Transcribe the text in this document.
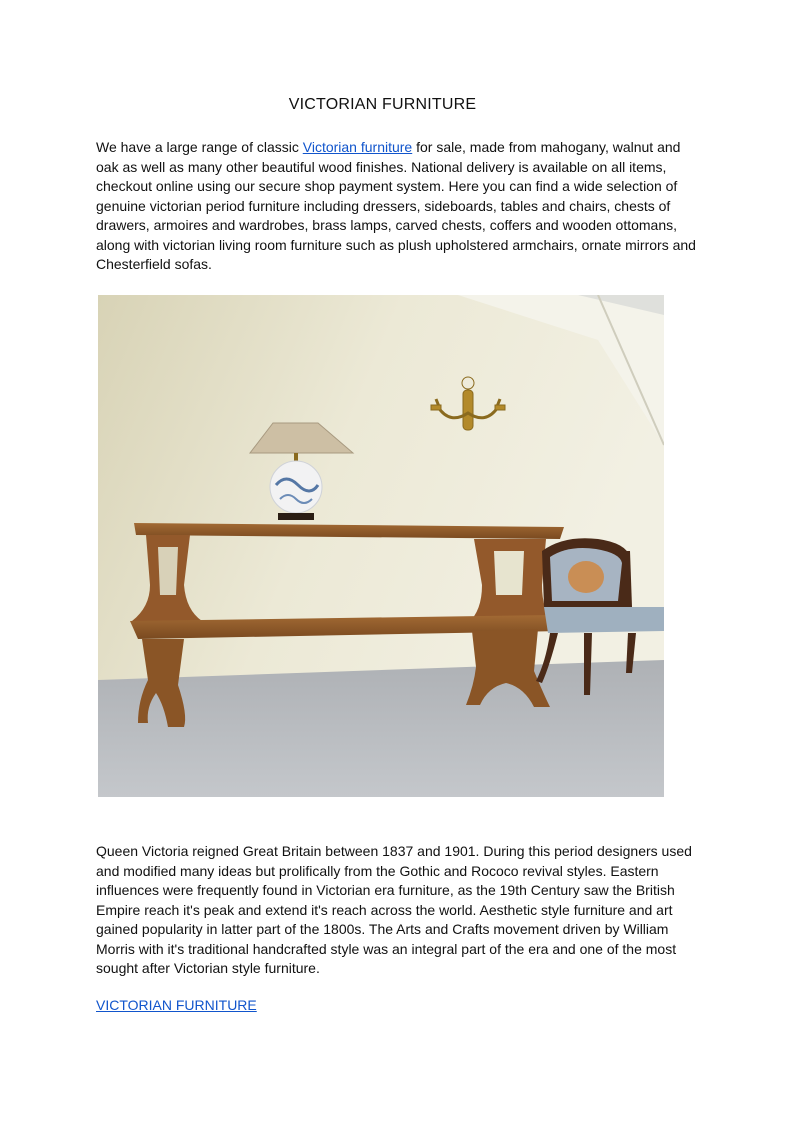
VICTORIAN FURNITURE

We have a large range of classic Victorian furniture for sale, made from mahogany, walnut and oak as well as many other beautiful wood finishes. National delivery is available on all items, checkout online using our secure shop payment system. Here you can find a wide selection of genuine victorian period furniture including dressers, sideboards, tables and chairs, chests of drawers, armoires and wardrobes, brass lamps, carved chests, coffers and wooden ottomans, along with victorian living room furniture such as plush upholstered armchairs, ornate mirrors and Chesterfield sofas.

Queen Victoria reigned Great Britain between 1837 and 1901. During this period designers used and modified many ideas but prolifically from the Gothic and Rococo revival styles. Eastern influences were frequently found in Victorian era furniture, as the 19th Century saw the British Empire reach it's peak and extend it's reach across the world. Aesthetic style furniture and art gained popularity in latter part of the 1800s. The Arts and Crafts movement driven by William Morris with it's traditional handcrafted style was an integral part of the era and one of the most sought after Victorian style furniture.

VICTORIAN FURNITURE
